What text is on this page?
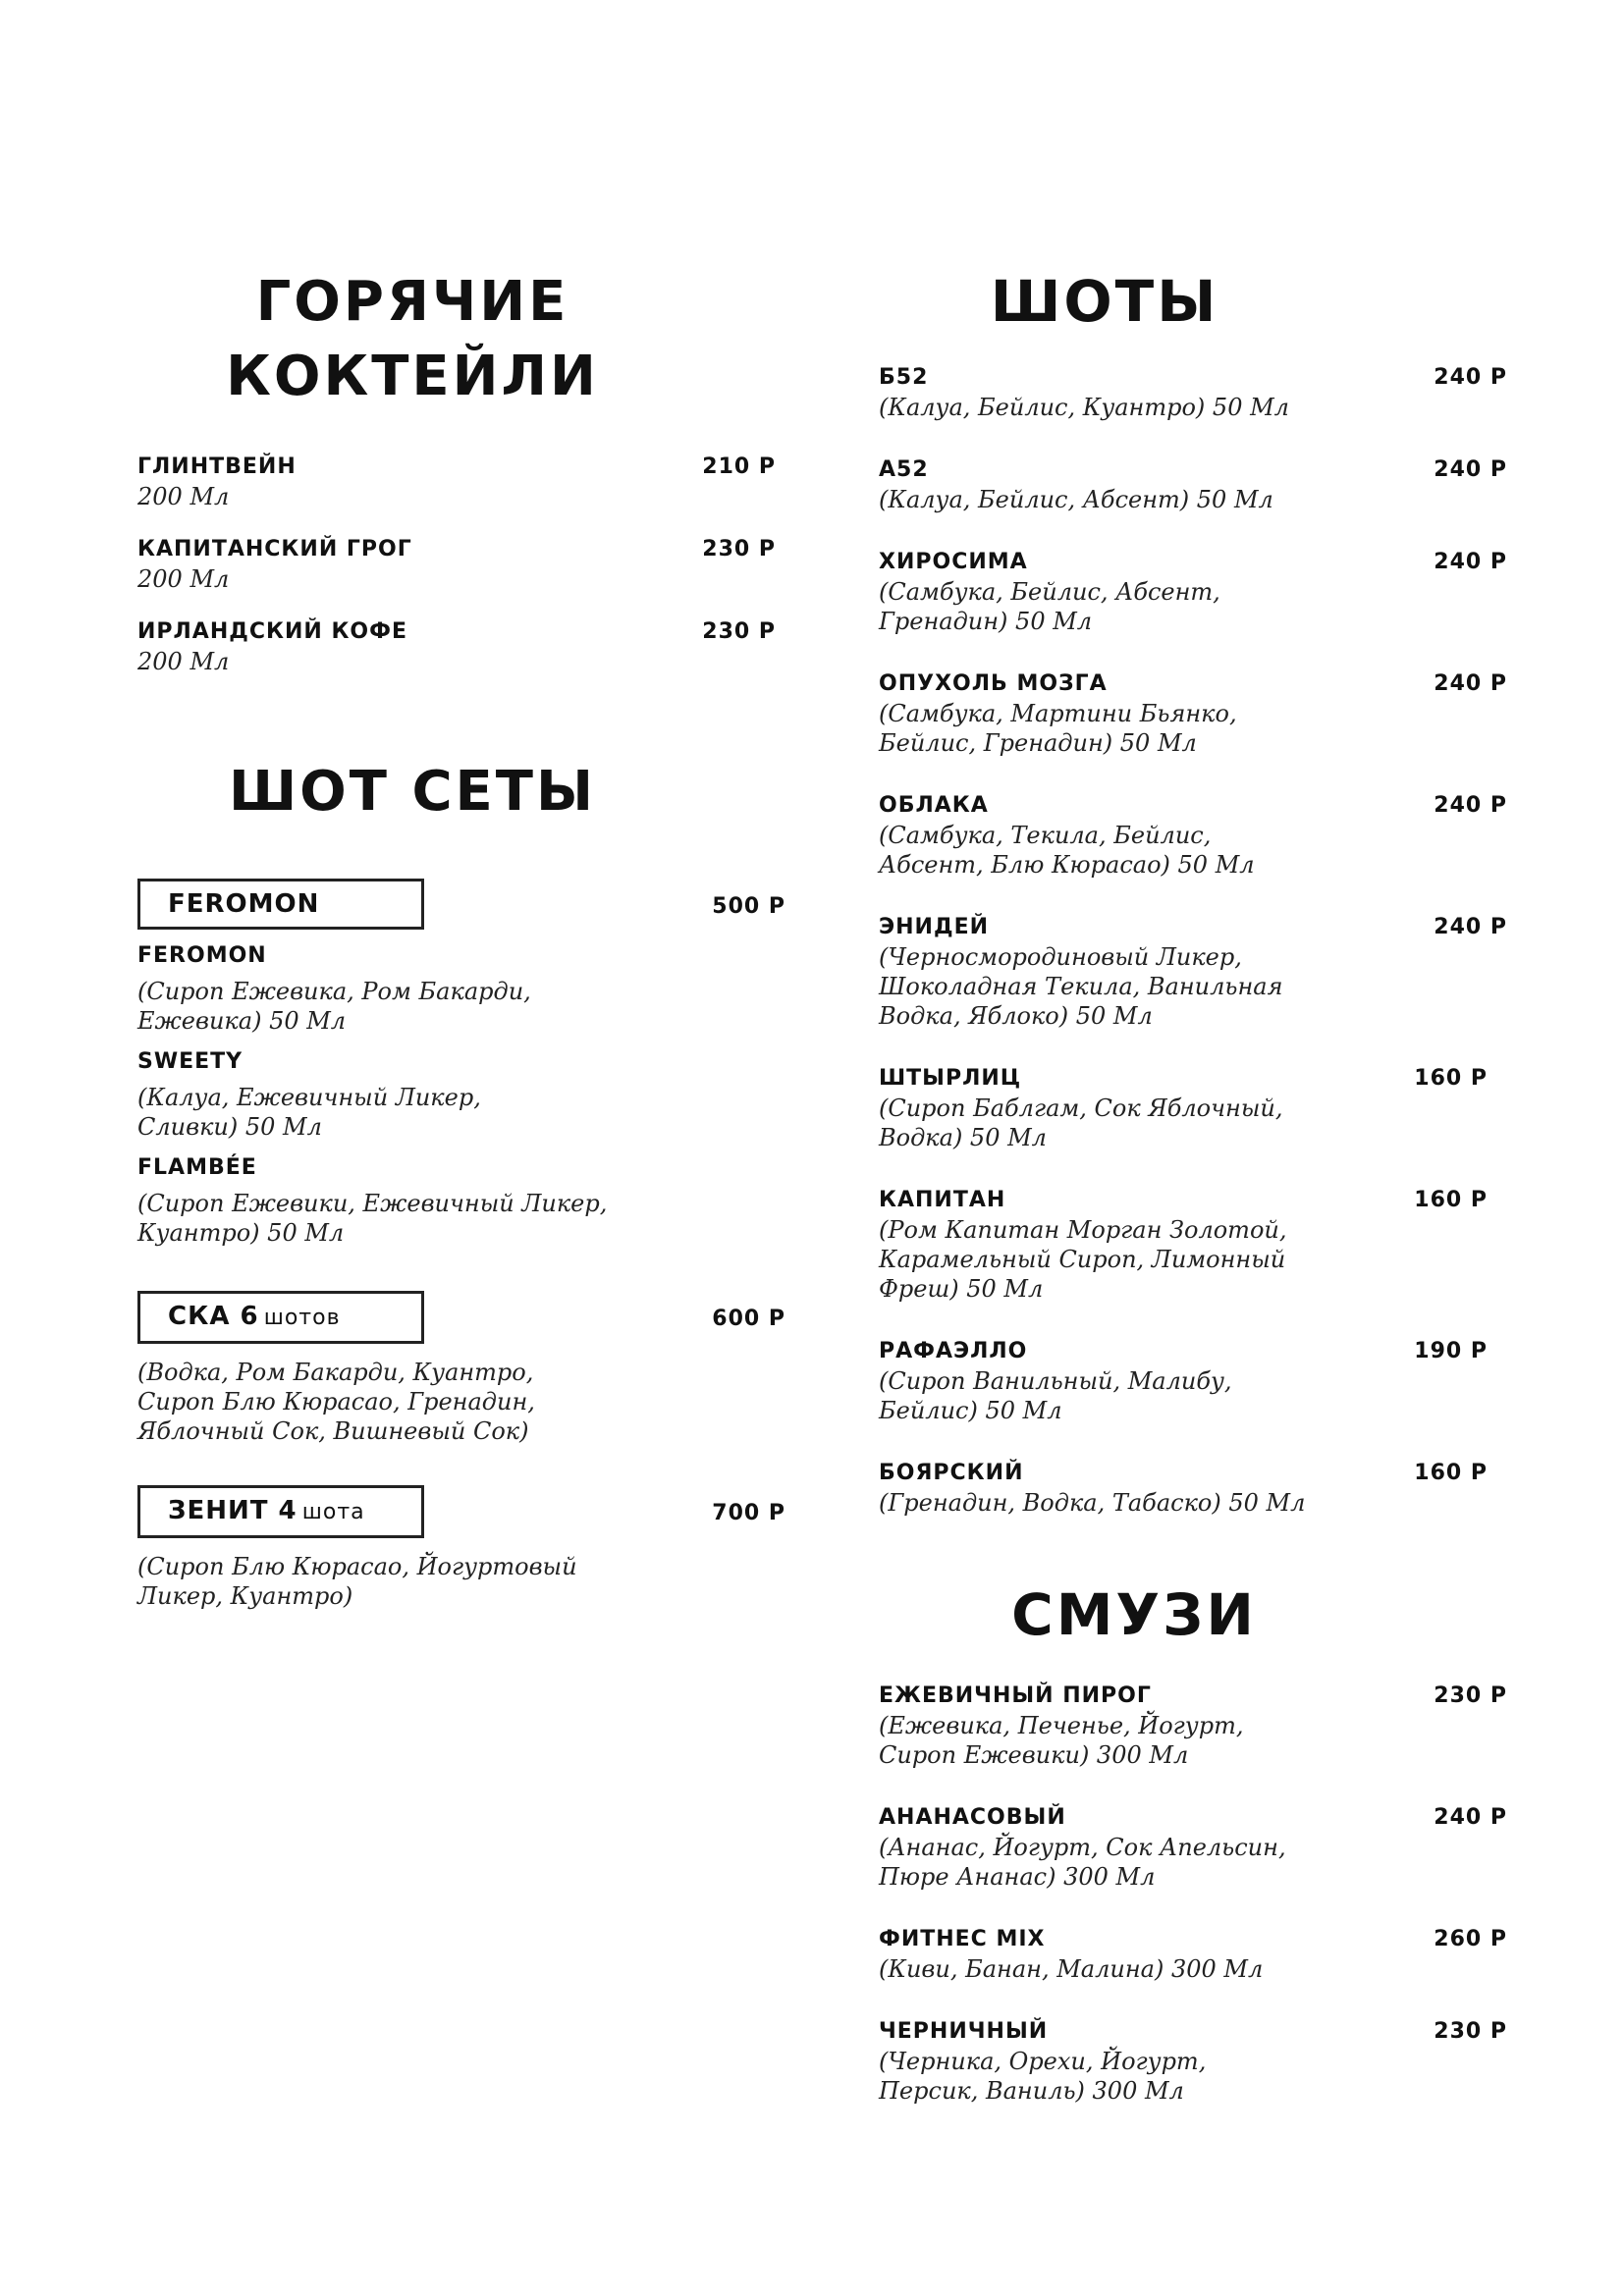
ГОРЯЧИЕ
КОКТЕЙЛИ
ГЛИНТВЕЙН
200 Мл
210 Р
КАПИТАНСКИЙ ГРОГ
200 Мл
230 Р
ИРЛАНДСКИЙ КОФЕ
200 Мл
230 Р
ШОТ СЕТЫ
FEROMON	500 Р
FEROMON
(Сироп Ежевика, Ром Бакарди, Ежевика) 50 Мл
SWEETY
(Калуа, Ежевичный Ликер, Сливки) 50 Мл
FLAMBÉE
(Сироп Ежевики, Ежевичный Ликер, Куантро) 50 Мл
СКА 6 шотов	600 Р
(Водка, Ром Бакарди, Куантро, Сироп Блю Кюрасао, Гренадин, Яблочный Сок, Вишневый Сок)
ЗЕНИТ 4 шота	700 Р
(Сироп Блю Кюрасао, Йогуртовый Ликер, Куантро)
ШОТЫ
Б52
(Калуа, Бейлис, Куантро) 50 Мл
240 Р
А52
(Калуа, Бейлис, Абсент) 50 Мл
240 Р
ХИРОСИМА
(Самбука, Бейлис, Абсент, Гренадин) 50 Мл
240 Р
ОПУХОЛЬ МОЗГА
(Самбука, Мартини Бьянко, Бейлис, Гренадин) 50 Мл
240 Р
ОБЛАКА
(Самбука, Текила, Бейлис, Абсент, Блю Кюрасао) 50 Мл
240 Р
ЭНИДЕЙ
(Черносмородиновый Ликер, Шоколадная Текила, Ванильная Водка, Яблоко) 50 Мл
240 Р
ШТЫРЛИЦ
(Сироп Баблгам, Сок Яблочный, Водка) 50 Мл
160 Р
КАПИТАН
(Ром Капитан Морган Золотой, Карамельный Сироп, Лимонный Фреш) 50 Мл
160 Р
РАФАЭЛЛО
(Сироп Ванильный, Малибу, Бейлис) 50 Мл
190 Р
БОЯРСКИЙ
(Гренадин, Водка, Табаско) 50 Мл
160 Р
СМУЗИ
ЕЖЕВИЧНЫЙ ПИРОГ
(Ежевика, Печенье, Йогурт, Сироп Ежевики) 300 Мл
230 Р
АНАНАСОВЫЙ
(Ананас, Йогурт, Сок Апельсин, Пюре Ананас) 300 Мл
240 Р
ФИТНЕС MIX
(Киви, Банан, Малина) 300 Мл
260 Р
ЧЕРНИЧНЫЙ
(Черника, Орехи, Йогурт, Персик, Ваниль) 300 Мл
230 Р
